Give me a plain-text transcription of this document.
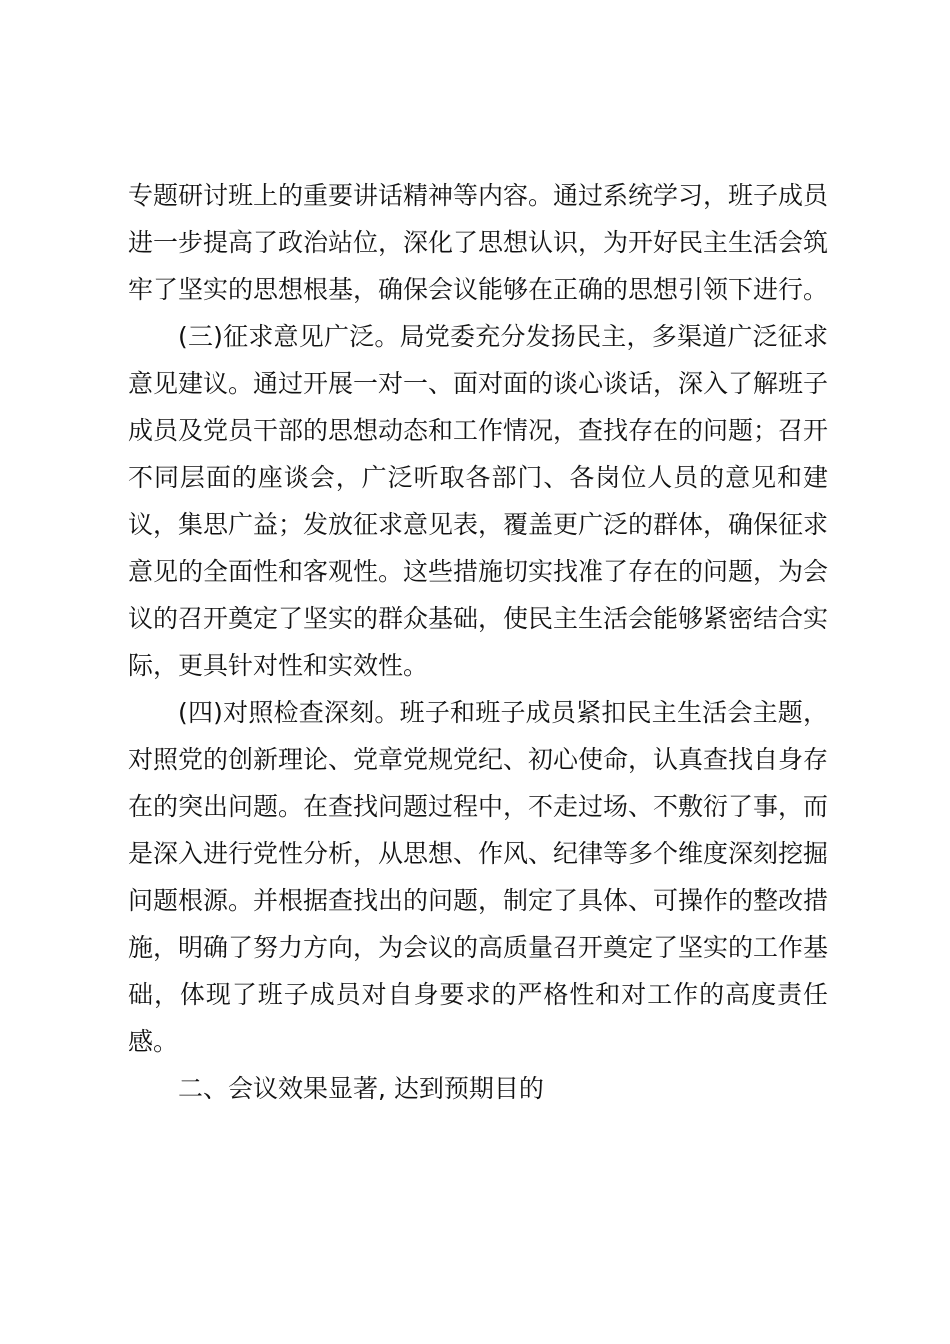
专题研讨班上的重要讲话精神等内容。通过系统学习，班子成员进一步提高了政治站位，深化了思想认识，为开好民主生活会筑牢了坚实的思想根基，确保会议能够在正确的思想引领下进行。

(三)征求意见广泛。局党委充分发扬民主，多渠道广泛征求意见建议。通过开展一对一、面对面的谈心谈话，深入了解班子成员及党员干部的思想动态和工作情况，查找存在的问题；召开不同层面的座谈会，广泛听取各部门、各岗位人员的意见和建议，集思广益；发放征求意见表，覆盖更广泛的群体，确保征求意见的全面性和客观性。这些措施切实找准了存在的问题，为会议的召开奠定了坚实的群众基础，使民主生活会能够紧密结合实际，更具针对性和实效性。

(四)对照检查深刻。班子和班子成员紧扣民主生活会主题，对照党的创新理论、党章党规党纪、初心使命，认真查找自身存在的突出问题。在查找问题过程中，不走过场、不敷衍了事，而是深入进行党性分析，从思想、作风、纪律等多个维度深刻挖掘问题根源。并根据查找出的问题，制定了具体、可操作的整改措施，明确了努力方向，为会议的高质量召开奠定了坚实的工作基础，体现了班子成员对自身要求的严格性和对工作的高度责任感。

二、会议效果显著, 达到预期目的
